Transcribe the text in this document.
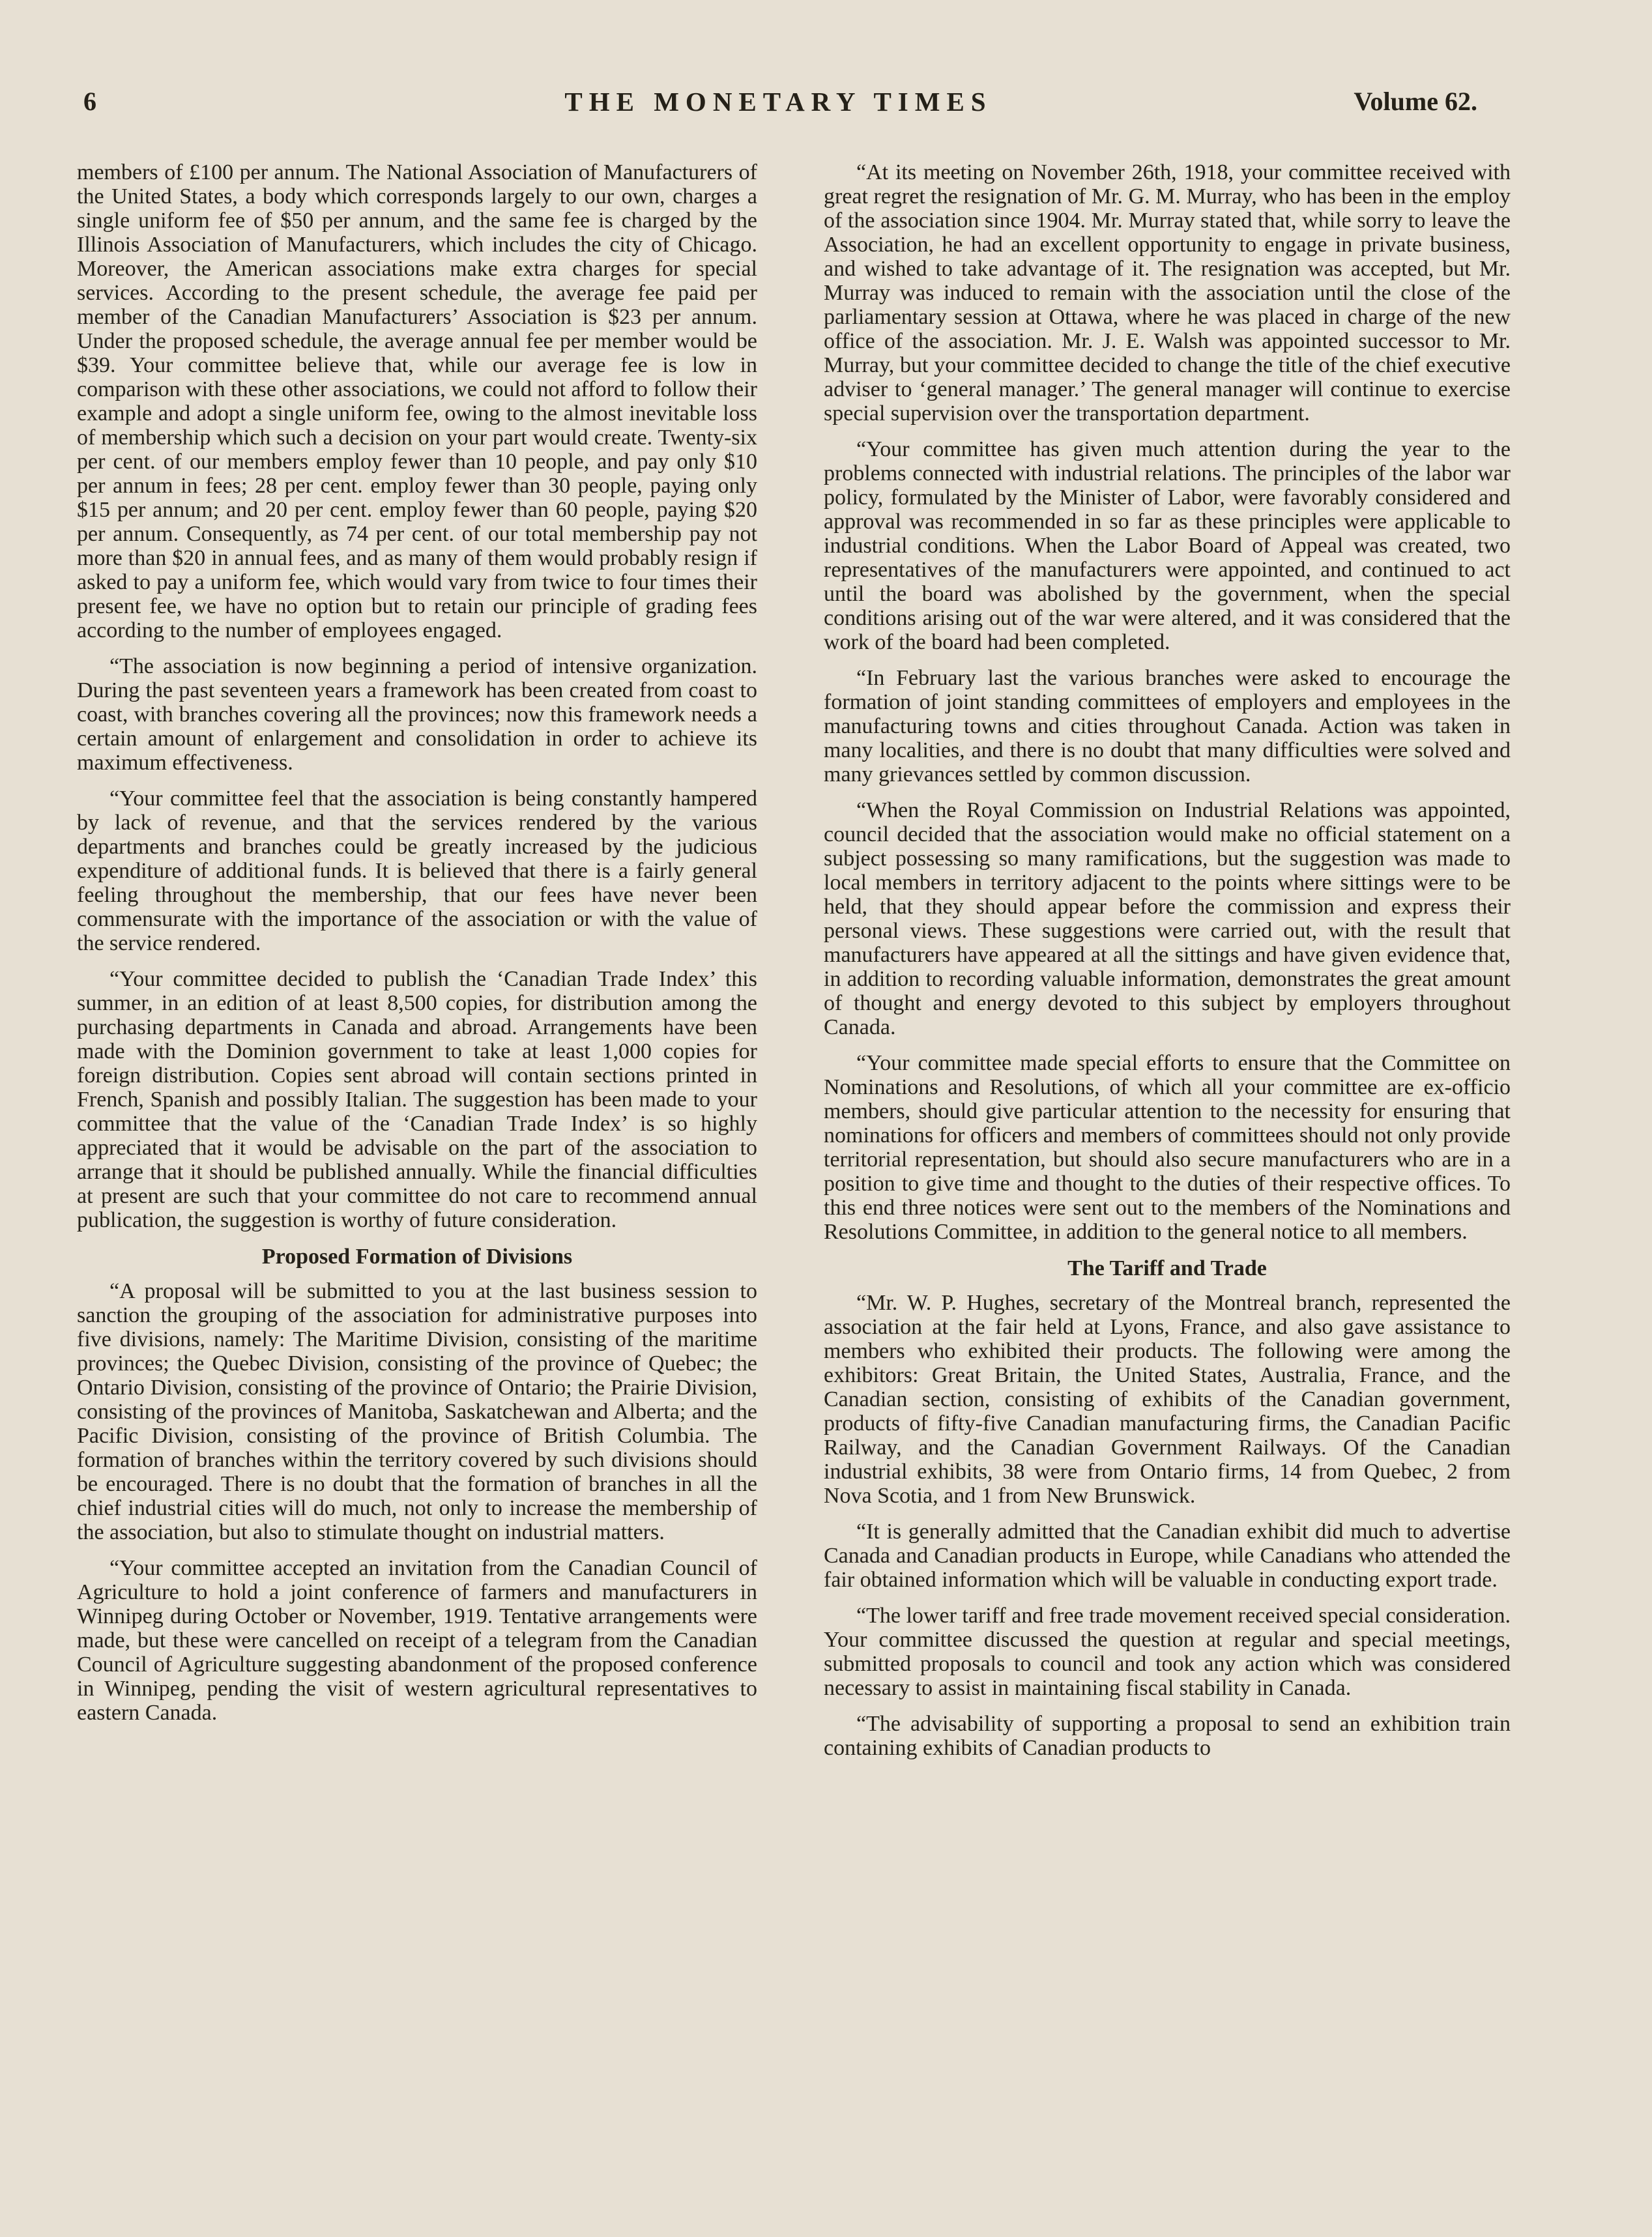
6	THE MONETARY TIMES	Volume 62.

members of £100 per annum. The National Association of Manufacturers of the United States, a body which corresponds largely to our own, charges a single uniform fee of $50 per annum, and the same fee is charged by the Illinois Association of Manufacturers, which includes the city of Chicago. Moreover, the American associations make extra charges for special services. According to the present schedule, the average fee paid per member of the Canadian Manufacturers’ Association is $23 per annum. Under the proposed schedule, the average annual fee per member would be $39. Your committee believe that, while our average fee is low in comparison with these other associations, we could not afford to follow their example and adopt a single uniform fee, owing to the almost inevitable loss of membership which such a decision on your part would create. Twenty-six per cent. of our members employ fewer than 10 people, and pay only $10 per annum in fees; 28 per cent. employ fewer than 30 people, paying only $15 per annum; and 20 per cent. employ fewer than 60 people, paying $20 per annum. Consequently, as 74 per cent. of our total membership pay not more than $20 in annual fees, and as many of them would probably resign if asked to pay a uniform fee, which would vary from twice to four times their present fee, we have no option but to retain our principle of grading fees according to the number of employees engaged.

“The association is now beginning a period of intensive organization. During the past seventeen years a framework has been created from coast to coast, with branches covering all the provinces; now this framework needs a certain amount of enlargement and consolidation in order to achieve its maximum effectiveness.

“Your committee feel that the association is being constantly hampered by lack of revenue, and that the services rendered by the various departments and branches could be greatly increased by the judicious expenditure of additional funds. It is believed that there is a fairly general feeling throughout the membership, that our fees have never been commensurate with the importance of the association or with the value of the service rendered.

“Your committee decided to publish the ‘Canadian Trade Index’ this summer, in an edition of at least 8,500 copies, for distribution among the purchasing departments in Canada and abroad. Arrangements have been made with the Dominion government to take at least 1,000 copies for foreign distribution. Copies sent abroad will contain sections printed in French, Spanish and possibly Italian. The suggestion has been made to your committee that the value of the ‘Canadian Trade Index’ is so highly appreciated that it would be advisable on the part of the association to arrange that it should be published annually. While the financial difficulties at present are such that your committee do not care to recommend annual publication, the suggestion is worthy of future consideration.

Proposed Formation of Divisions

“A proposal will be submitted to you at the last business session to sanction the grouping of the association for administrative purposes into five divisions, namely: The Maritime Division, consisting of the maritime provinces; the Quebec Division, consisting of the province of Quebec; the Ontario Division, consisting of the province of Ontario; the Prairie Division, consisting of the provinces of Manitoba, Saskatchewan and Alberta; and the Pacific Division, consisting of the province of British Columbia. The formation of branches within the territory covered by such divisions should be encouraged. There is no doubt that the formation of branches in all the chief industrial cities will do much, not only to increase the membership of the association, but also to stimulate thought on industrial matters.

“Your committee accepted an invitation from the Canadian Council of Agriculture to hold a joint conference of farmers and manufacturers in Winnipeg during October or November, 1919. Tentative arrangements were made, but these were cancelled on receipt of a telegram from the Canadian Council of Agriculture suggesting abandonment of the proposed conference in Winnipeg, pending the visit of western agricultural representatives to eastern Canada.

“At its meeting on November 26th, 1918, your committee received with great regret the resignation of Mr. G. M. Murray, who has been in the employ of the association since 1904. Mr. Murray stated that, while sorry to leave the Association, he had an excellent opportunity to engage in private business, and wished to take advantage of it. The resignation was accepted, but Mr. Murray was induced to remain with the association until the close of the parliamentary session at Ottawa, where he was placed in charge of the new office of the association. Mr. J. E. Walsh was appointed successor to Mr. Murray, but your committee decided to change the title of the chief executive adviser to ‘general manager.’ The general manager will continue to exercise special supervision over the transportation department.

“Your committee has given much attention during the year to the problems connected with industrial relations. The principles of the labor war policy, formulated by the Minister of Labor, were favorably considered and approval was recommended in so far as these principles were applicable to industrial conditions. When the Labor Board of Appeal was created, two representatives of the manufacturers were appointed, and continued to act until the board was abolished by the government, when the special conditions arising out of the war were altered, and it was considered that the work of the board had been completed.

“In February last the various branches were asked to encourage the formation of joint standing committees of employers and employees in the manufacturing towns and cities throughout Canada. Action was taken in many localities, and there is no doubt that many difficulties were solved and many grievances settled by common discussion.

“When the Royal Commission on Industrial Relations was appointed, council decided that the association would make no official statement on a subject possessing so many ramifications, but the suggestion was made to local members in territory adjacent to the points where sittings were to be held, that they should appear before the commission and express their personal views. These suggestions were carried out, with the result that manufacturers have appeared at all the sittings and have given evidence that, in addition to recording valuable information, demonstrates the great amount of thought and energy devoted to this subject by employers throughout Canada.

“Your committee made special efforts to ensure that the Committee on Nominations and Resolutions, of which all your committee are ex-officio members, should give particular attention to the necessity for ensuring that nominations for officers and members of committees should not only provide territorial representation, but should also secure manufacturers who are in a position to give time and thought to the duties of their respective offices. To this end three notices were sent out to the members of the Nominations and Resolutions Committee, in addition to the general notice to all members.

The Tariff and Trade

“Mr. W. P. Hughes, secretary of the Montreal branch, represented the association at the fair held at Lyons, France, and also gave assistance to members who exhibited their products. The following were among the exhibitors: Great Britain, the United States, Australia, France, and the Canadian section, consisting of exhibits of the Canadian government, products of fifty-five Canadian manufacturing firms, the Canadian Pacific Railway, and the Canadian Government Railways. Of the Canadian industrial exhibits, 38 were from Ontario firms, 14 from Quebec, 2 from Nova Scotia, and 1 from New Brunswick.

“It is generally admitted that the Canadian exhibit did much to advertise Canada and Canadian products in Europe, while Canadians who attended the fair obtained information which will be valuable in conducting export trade.

“The lower tariff and free trade movement received special consideration. Your committee discussed the question at regular and special meetings, submitted proposals to council and took any action which was considered necessary to assist in maintaining fiscal stability in Canada.

“The advisability of supporting a proposal to send an exhibition train containing exhibits of Canadian products to
